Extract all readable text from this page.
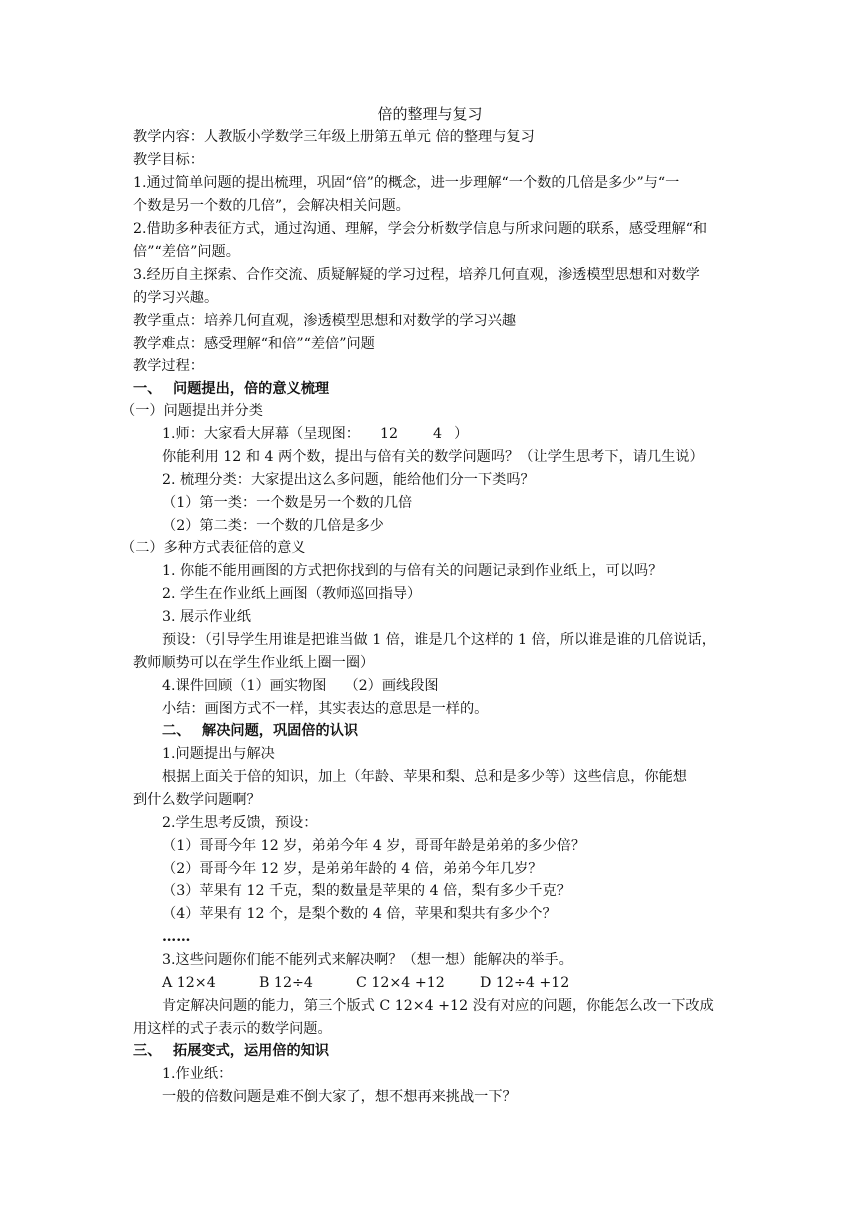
倍的整理与复习
教学内容：人教版小学数学三年级上册第五单元 倍的整理与复习
教学目标：
1.通过简单问题的提出梳理，巩固“倍”的概念，进一步理解“一个数的几倍是多少”与“一
个数是另一个数的几倍”，会解决相关问题。
2.借助多种表征方式，通过沟通、理解，学会分析数学信息与所求问题的联系，感受理解“和
倍”“差倍”问题。
3.经历自主探索、合作交流、质疑解疑的学习过程，培养几何直观，渗透模型思想和对数学
的学习兴趣。
教学重点：培养几何直观，渗透模型思想和对数学的学习兴趣
教学难点：感受理解“和倍”“差倍”问题
教学过程：
一、 问题提出，倍的意义梳理
（一）问题提出并分类
1.师：大家看大屏幕（呈现图： 12 4 ）
你能利用 12 和 4 两个数，提出与倍有关的数学问题吗？（让学生思考下，请几生说）
2. 梳理分类：大家提出这么多问题，能给他们分一下类吗？
（1）第一类：一个数是另一个数的几倍
（2）第二类：一个数的几倍是多少
（二）多种方式表征倍的意义
1. 你能不能用画图的方式把你找到的与倍有关的问题记录到作业纸上，可以吗？
2. 学生在作业纸上画图（教师巡回指导）
3. 展示作业纸
预设：（引导学生用谁是把谁当做 1 倍，谁是几个这样的 1 倍，所以谁是谁的几倍说话，
教师顺势可以在学生作业纸上圈一圈）
4.课件回顾（1）画实物图 （2）画线段图
小结：画图方式不一样，其实表达的意思是一样的。
二、 解决问题，巩固倍的认识
1.问题提出与解决
根据上面关于倍的知识，加上（年龄、苹果和梨、总和是多少等）这些信息，你能想
到什么数学问题啊？
2.学生思考反馈，预设：
（1）哥哥今年 12 岁，弟弟今年 4 岁，哥哥年龄是弟弟的多少倍？
（2）哥哥今年 12 岁，是弟弟年龄的 4 倍，弟弟今年几岁？
（3）苹果有 12 千克，梨的数量是苹果的 4 倍，梨有多少千克？
（4）苹果有 12 个，是梨个数的 4 倍，苹果和梨共有多少个？
……
3.这些问题你们能不能列式来解决啊？（想一想）能解决的举手。
A 12×4	B 12÷4	C 12×4 +12 D 12÷4 +12
肯定解决问题的能力，第三个版式 C 12×4 +12 没有对应的问题，你能怎么改一下改成
用这样的式子表示的数学问题。
三、 拓展变式，运用倍的知识
1.作业纸：
一般的倍数问题是难不倒大家了，想不想再来挑战一下？
